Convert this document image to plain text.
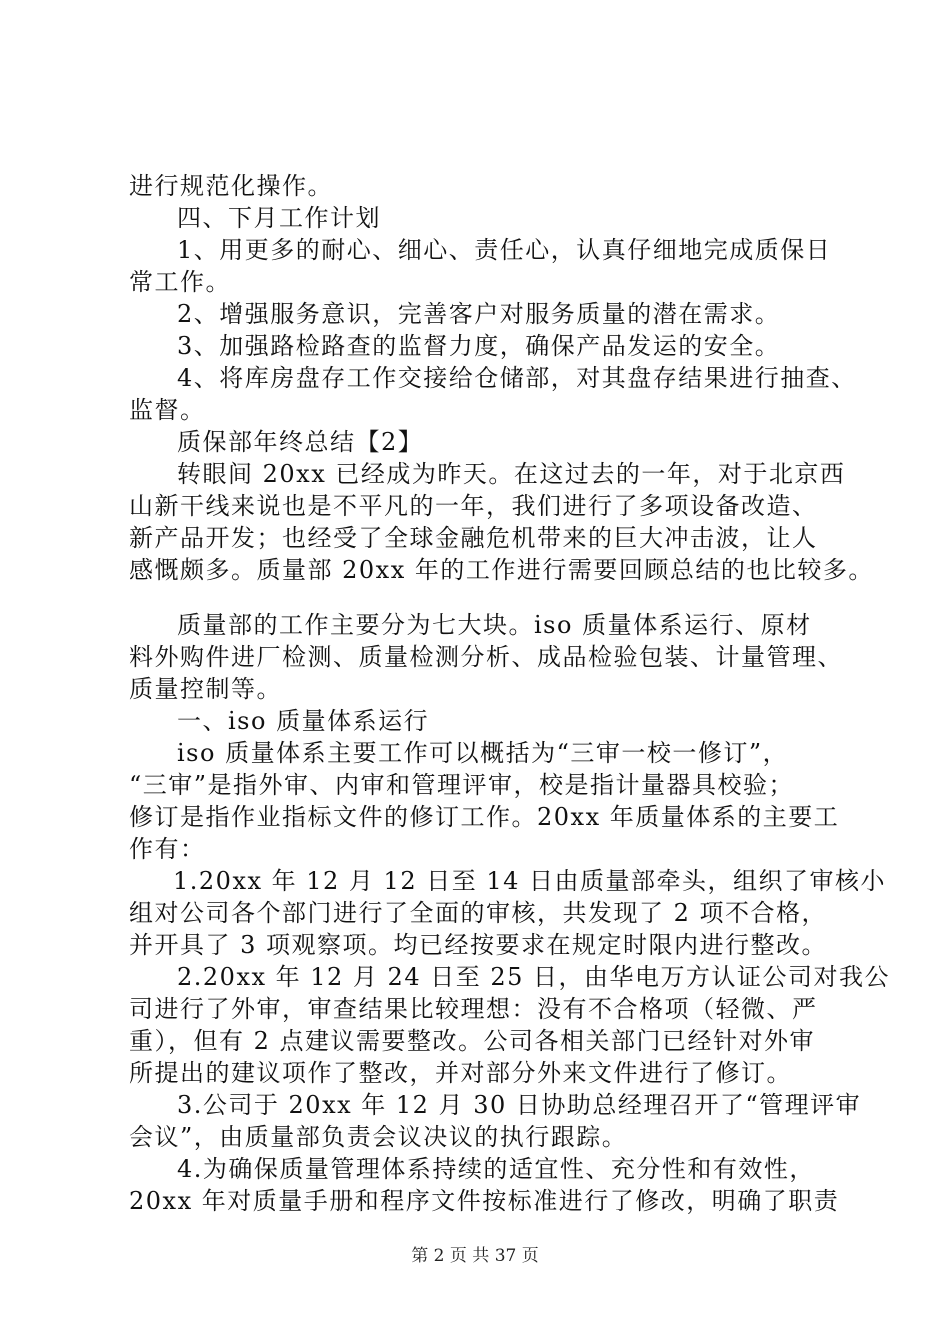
进行规范化操作。
四、下月工作计划
1、用更多的耐心、细心、责任心，认真仔细地完成质保日
常工作。
2、增强服务意识，完善客户对服务质量的潜在需求。
3、加强路检路查的监督力度，确保产品发运的安全。
4、将库房盘存工作交接给仓储部，对其盘存结果进行抽查、
监督。
质保部年终总结【2】
转眼间 20xx 已经成为昨天。在这过去的一年，对于北京西
山新干线来说也是不平凡的一年，我们进行了多项设备改造、
新产品开发；也经受了全球金融危机带来的巨大冲击波，让人
感慨颇多。质量部 20xx 年的工作进行需要回顾总结的也比较多。
质量部的工作主要分为七大块。iso 质量体系运行、原材
料外购件进厂检测、质量检测分析、成品检验包装、计量管理、
质量控制等。
一、iso 质量体系运行
iso 质量体系主要工作可以概括为“三审一校一修订”，
“三审”是指外审、内审和管理评审，校是指计量器具校验；
修订是指作业指标文件的修订工作。20xx 年质量体系的主要工
作有：
1.20xx 年 12 月 12 日至 14 日由质量部牵头，组织了审核小
组对公司各个部门进行了全面的审核，共发现了 2 项不合格，
并开具了 3 项观察项。均已经按要求在规定时限内进行整改。
2.20xx 年 12 月 24 日至 25 日，由华电万方认证公司对我公
司进行了外审，审查结果比较理想：没有不合格项（轻微、严
重），但有 2 点建议需要整改。公司各相关部门已经针对外审
所提出的建议项作了整改，并对部分外来文件进行了修订。
3.公司于 20xx 年 12 月 30 日协助总经理召开了“管理评审
会议”，由质量部负责会议决议的执行跟踪。
4.为确保质量管理体系持续的适宜性、充分性和有效性，
20xx 年对质量手册和程序文件按标准进行了修改，明确了职责
第 2 页 共 37 页
